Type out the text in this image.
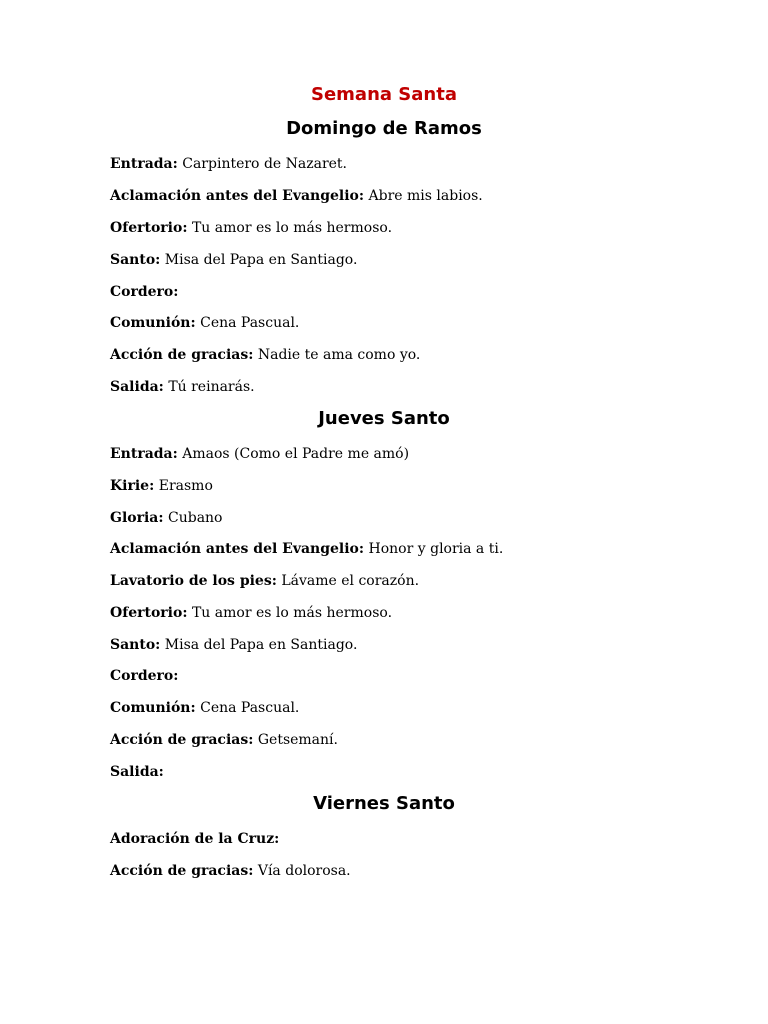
Semana Santa
Domingo de Ramos

Entrada: Carpintero de Nazaret.

Aclamación antes del Evangelio: Abre mis labios.

Ofertorio: Tu amor es lo más hermoso.

Santo: Misa del Papa en Santiago.

Cordero:

Comunión: Cena Pascual.

Acción de gracias: Nadie te ama como yo.

Salida: Tú reinarás.

Jueves Santo

Entrada: Amaos (Como el Padre me amó)

Kirie: Erasmo

Gloria: Cubano

Aclamación antes del Evangelio: Honor y gloria a ti.

Lavatorio de los pies: Lávame el corazón.

Ofertorio: Tu amor es lo más hermoso.

Santo: Misa del Papa en Santiago.

Cordero:

Comunión: Cena Pascual.

Acción de gracias: Getsemaní.

Salida:

Viernes Santo

Adoración de la Cruz:

Acción de gracias: Vía dolorosa.
